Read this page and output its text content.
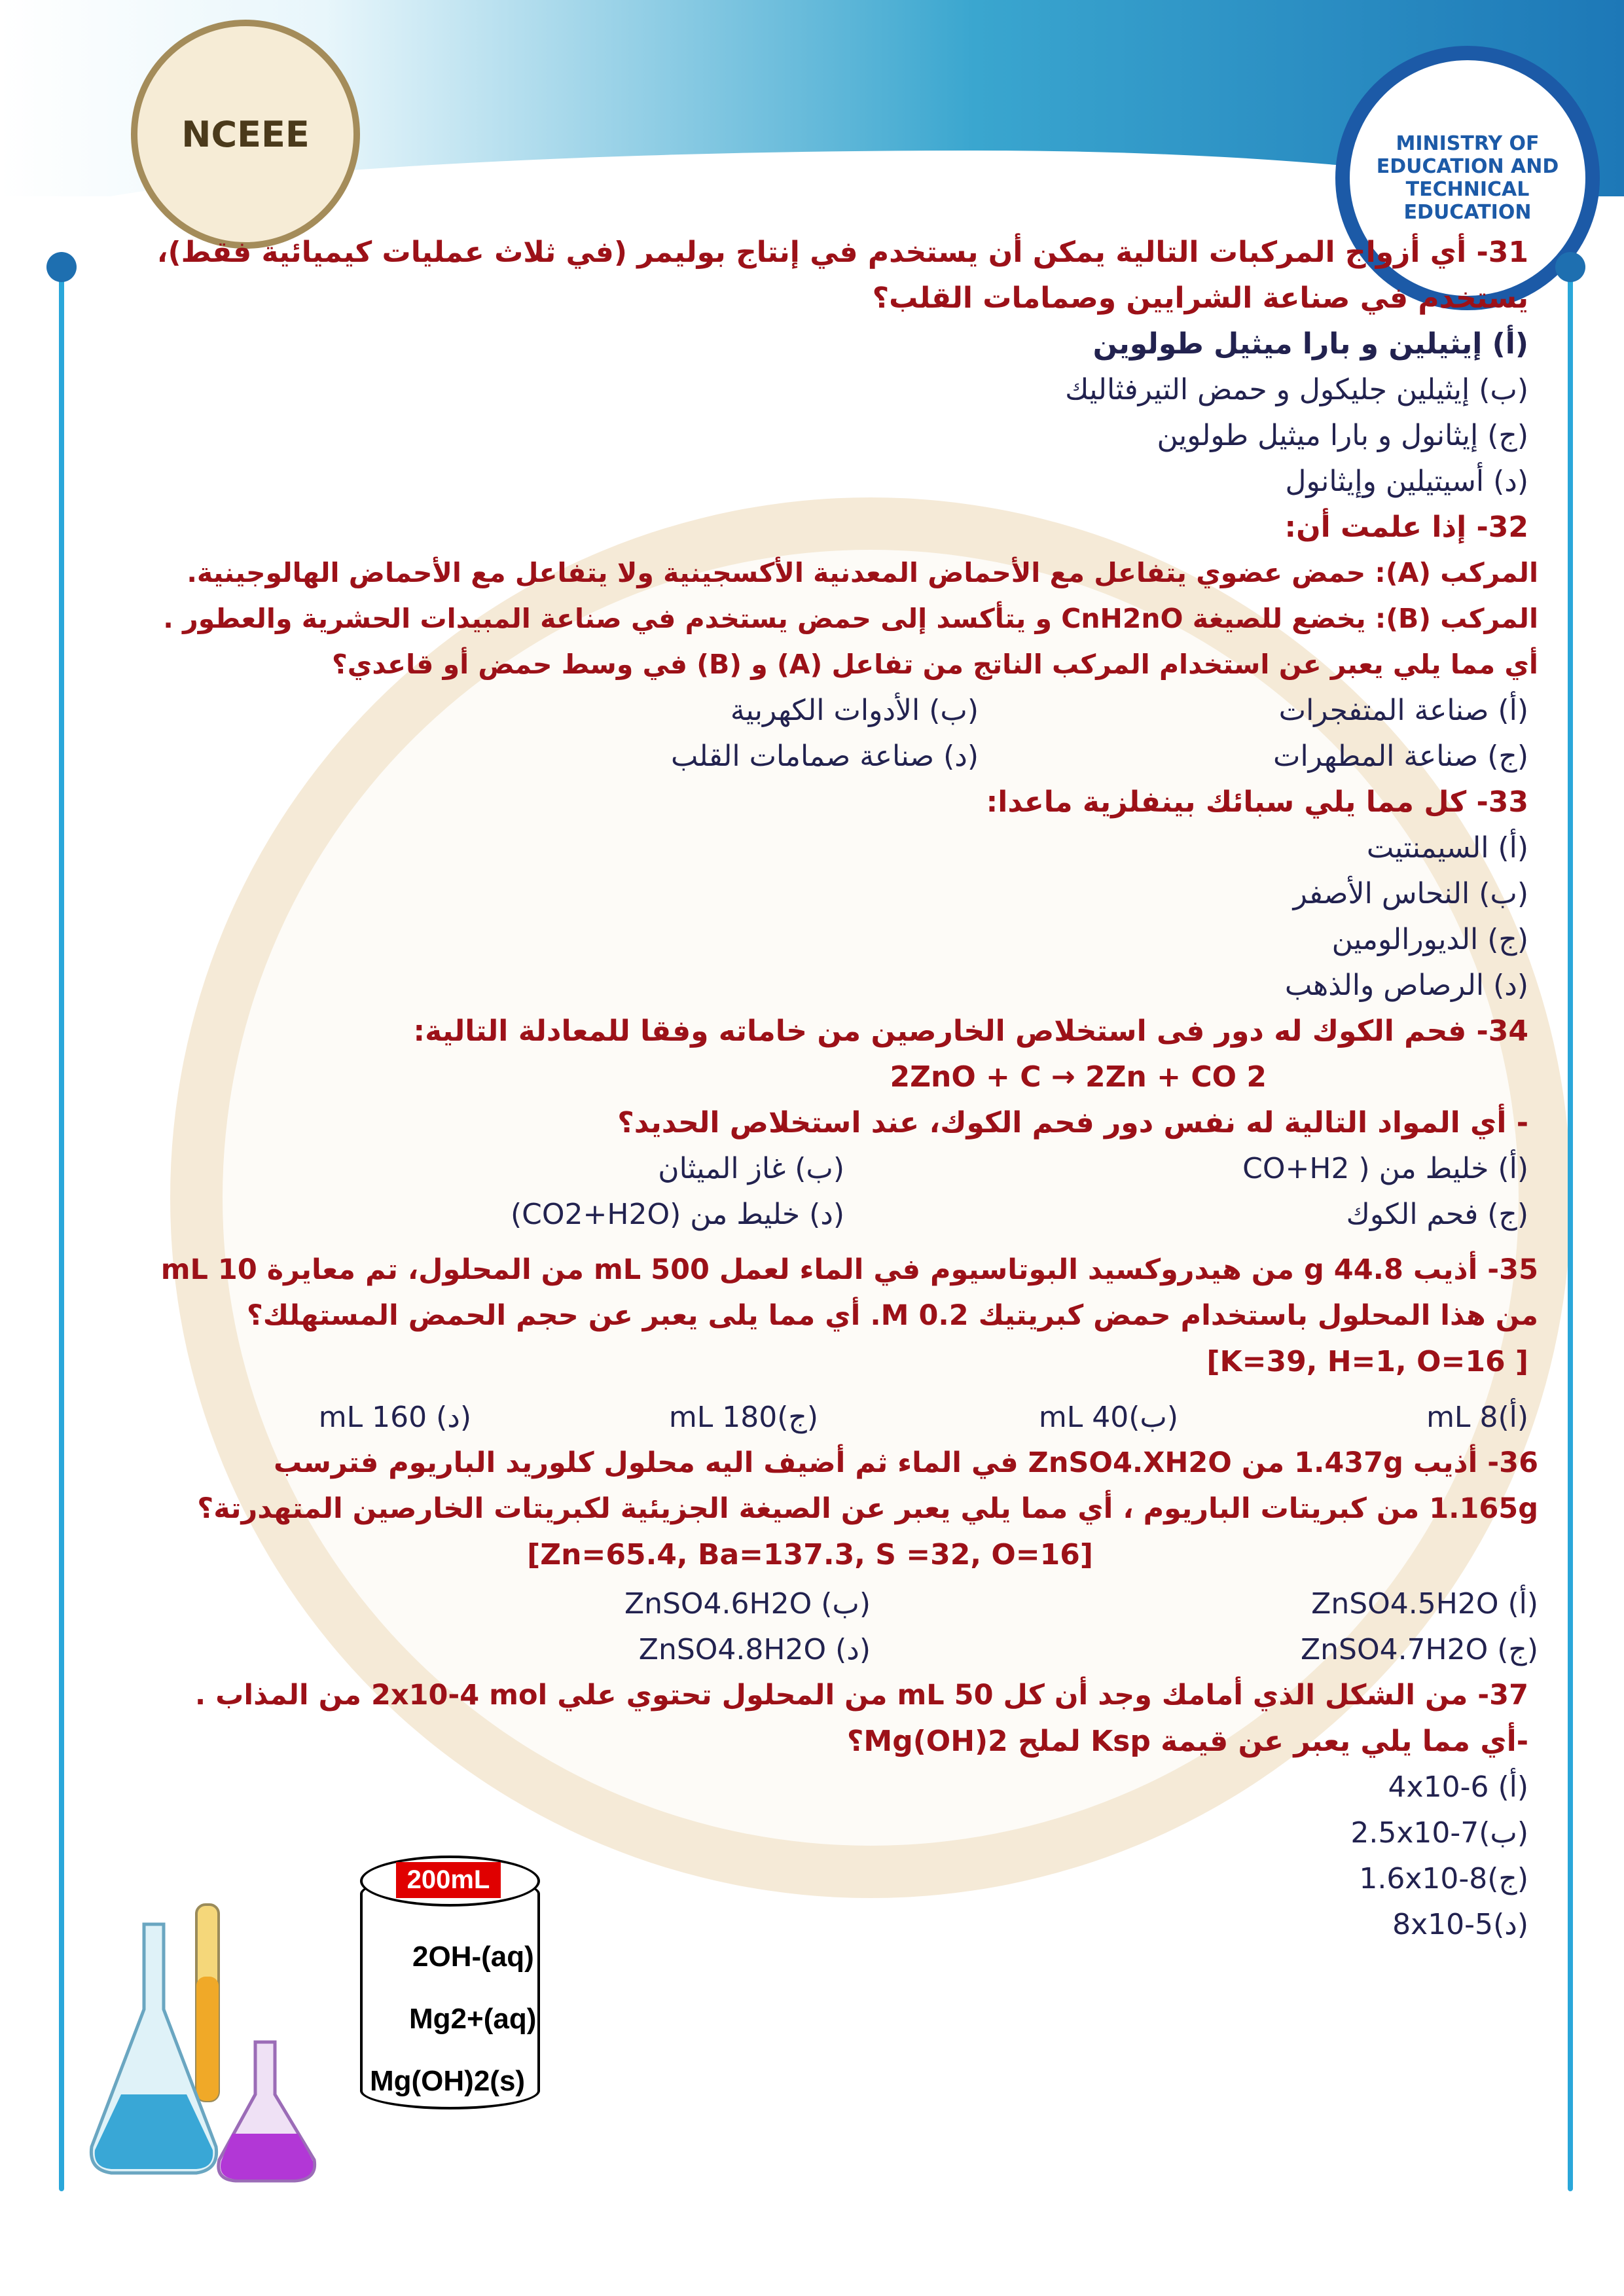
NCEEE	MINISTRY OF EDUCATION AND TECHNICAL EDUCATION
31- أي أزواج المركبات التالية يمكن أن يستخدم في إنتاج بوليمر (في ثلاث عمليات كيميائية فقط)،
يستخدم في صناعة الشرايين وصمامات القلب؟
(أ) إيثيلين و بارا ميثيل طولوين
(ب) إيثيلين جليكول و حمض التيرفثاليك
(ج) إيثانول و بارا ميثيل طولوين
(د) أسيتيلين وإيثانول
32- إذا علمت أن:
المركب (A): حمض عضوي يتفاعل مع الأحماض المعدنية الأكسجينية ولا يتفاعل مع الأحماض الهالوجينية.
المركب (B): يخضع للصيغة CnH2nO و يتأكسد إلى حمض يستخدم في صناعة المبيدات الحشرية والعطور .
أي مما يلي يعبر عن استخدام المركب الناتج من تفاعل (A) و (B) في وسط حمض أو قاعدي؟
(أ) صناعة المتفجرات
(ب) الأدوات الكهربية
(ج) صناعة المطهرات
(د) صناعة صمامات القلب
33- كل مما يلي سبائك بينفلزية ماعدا:
(أ) السيمنتيت
(ب) النحاس الأصفر
(ج) الديورالومين
(د) الرصاص والذهب
34- فحم الكوك له دور فى استخلاص الخارصين من خاماته وفقا للمعادلة التالية:
2ZnO + C → 2Zn + CO 2
- أي المواد التالية له نفس دور فحم الكوك، عند استخلاص الحديد؟
(أ) خليط من ( CO+H2
(ب) غاز الميثان
(ج) فحم الكوك
(د) خليط من (CO2+H2O)
35- أذيب 44.8 g من هيدروكسيد البوتاسيوم في الماء لعمل 500 mL من المحلول، تم معايرة 10 mL
من هذا المحلول باستخدام حمض كبريتيك 0.2 M. أي مما يلى يعبر عن حجم الحمض المستهلك؟
[K=39, H=1, O=16 ]
(أ)8 mL
(ب)40 mL
(ج)180 mL
(د) 160 mL
36- أذيب 1.437g من ZnSO4.XH2O في الماء ثم أضيف اليه محلول كلوريد الباريوم فترسب
1.165g من كبريتات الباريوم ، أي مما يلي يعبر عن الصيغة الجزيئية لكبريتات الخارصين المتهدرتة؟
[Zn=65.4, Ba=137.3, S =32, O=16]
(أ) ZnSO4.5H2O
(ب) ZnSO4.6H2O
(ج) ZnSO4.7H2O
(د) ZnSO4.8H2O
37- من الشكل الذي أمامك وجد أن كل 50 mL من المحلول تحتوي علي 2x10-4 mol من المذاب .
-أي مما يلي يعبر عن قيمة Ksp لملح Mg(OH)2؟
(أ) 4x10-6
(ب)2.5x10-7
(ج)1.6x10-8
(د)8x10-5
200mL
2OH-(aq)
Mg2+(aq)
Mg(OH)2(s)
